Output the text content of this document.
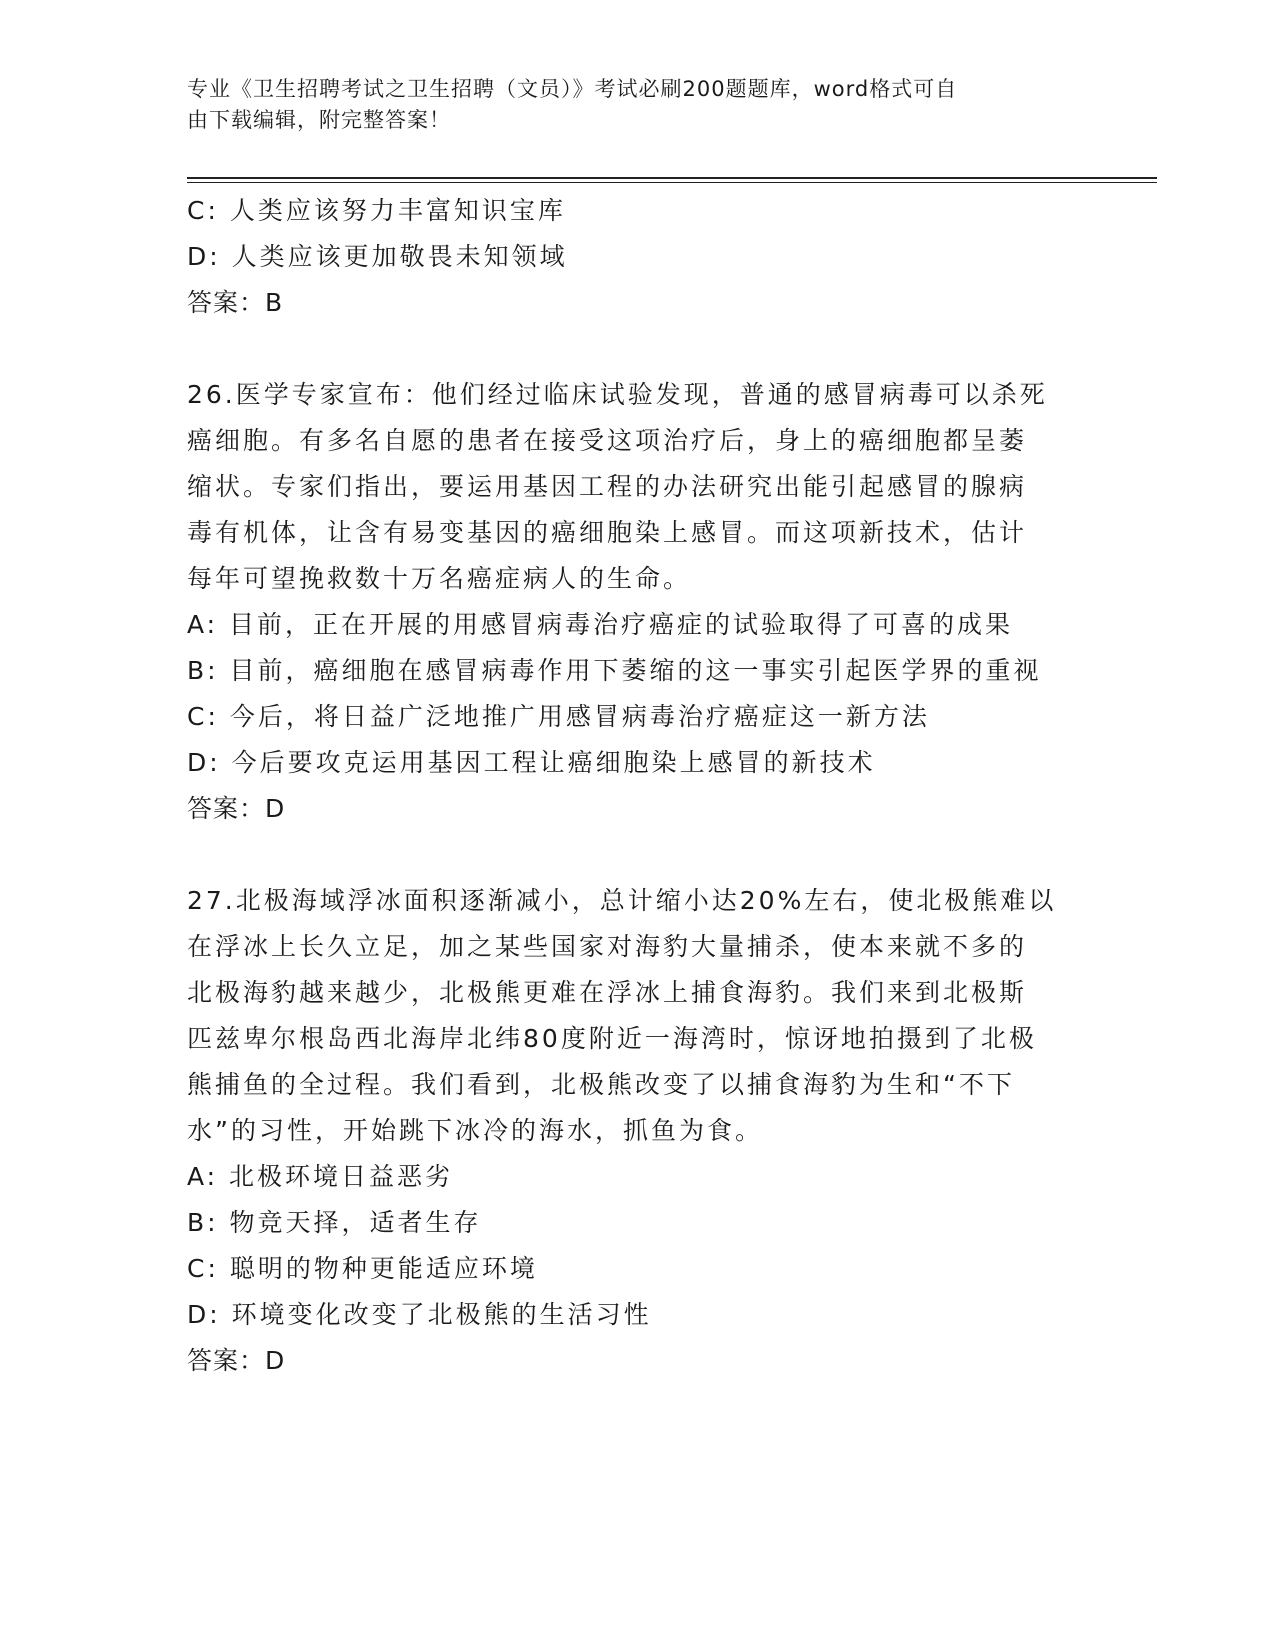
专业《卫生招聘考试之卫生招聘（文员）》考试必刷200题题库，word格式可自
由下载编辑，附完整答案！

C: 人类应该努力丰富知识宝库

D: 人类应该更加敬畏未知领域

答案：B

26.医学专家宣布：他们经过临床试验发现，普通的感冒病毒可以杀死

癌细胞。有多名自愿的患者在接受这项治疗后，身上的癌细胞都呈萎

缩状。专家们指出，要运用基因工程的办法研究出能引起感冒的腺病

毒有机体，让含有易变基因的癌细胞染上感冒。而这项新技术，估计

每年可望挽救数十万名癌症病人的生命。

A: 目前，正在开展的用感冒病毒治疗癌症的试验取得了可喜的成果

B: 目前，癌细胞在感冒病毒作用下萎缩的这一事实引起医学界的重视

C: 今后，将日益广泛地推广用感冒病毒治疗癌症这一新方法

D: 今后要攻克运用基因工程让癌细胞染上感冒的新技术

答案：D

27.北极海域浮冰面积逐渐减小，总计缩小达20%左右，使北极熊难以

在浮冰上长久立足，加之某些国家对海豹大量捕杀，使本来就不多的

北极海豹越来越少，北极熊更难在浮冰上捕食海豹。我们来到北极斯

匹兹卑尔根岛西北海岸北纬80度附近一海湾时，惊讶地拍摄到了北极

熊捕鱼的全过程。我们看到，北极熊改变了以捕食海豹为生和“不下

水”的习性，开始跳下冰冷的海水，抓鱼为食。

A: 北极环境日益恶劣

B: 物竞天择，适者生存

C: 聪明的物种更能适应环境

D: 环境变化改变了北极熊的生活习性

答案：D
